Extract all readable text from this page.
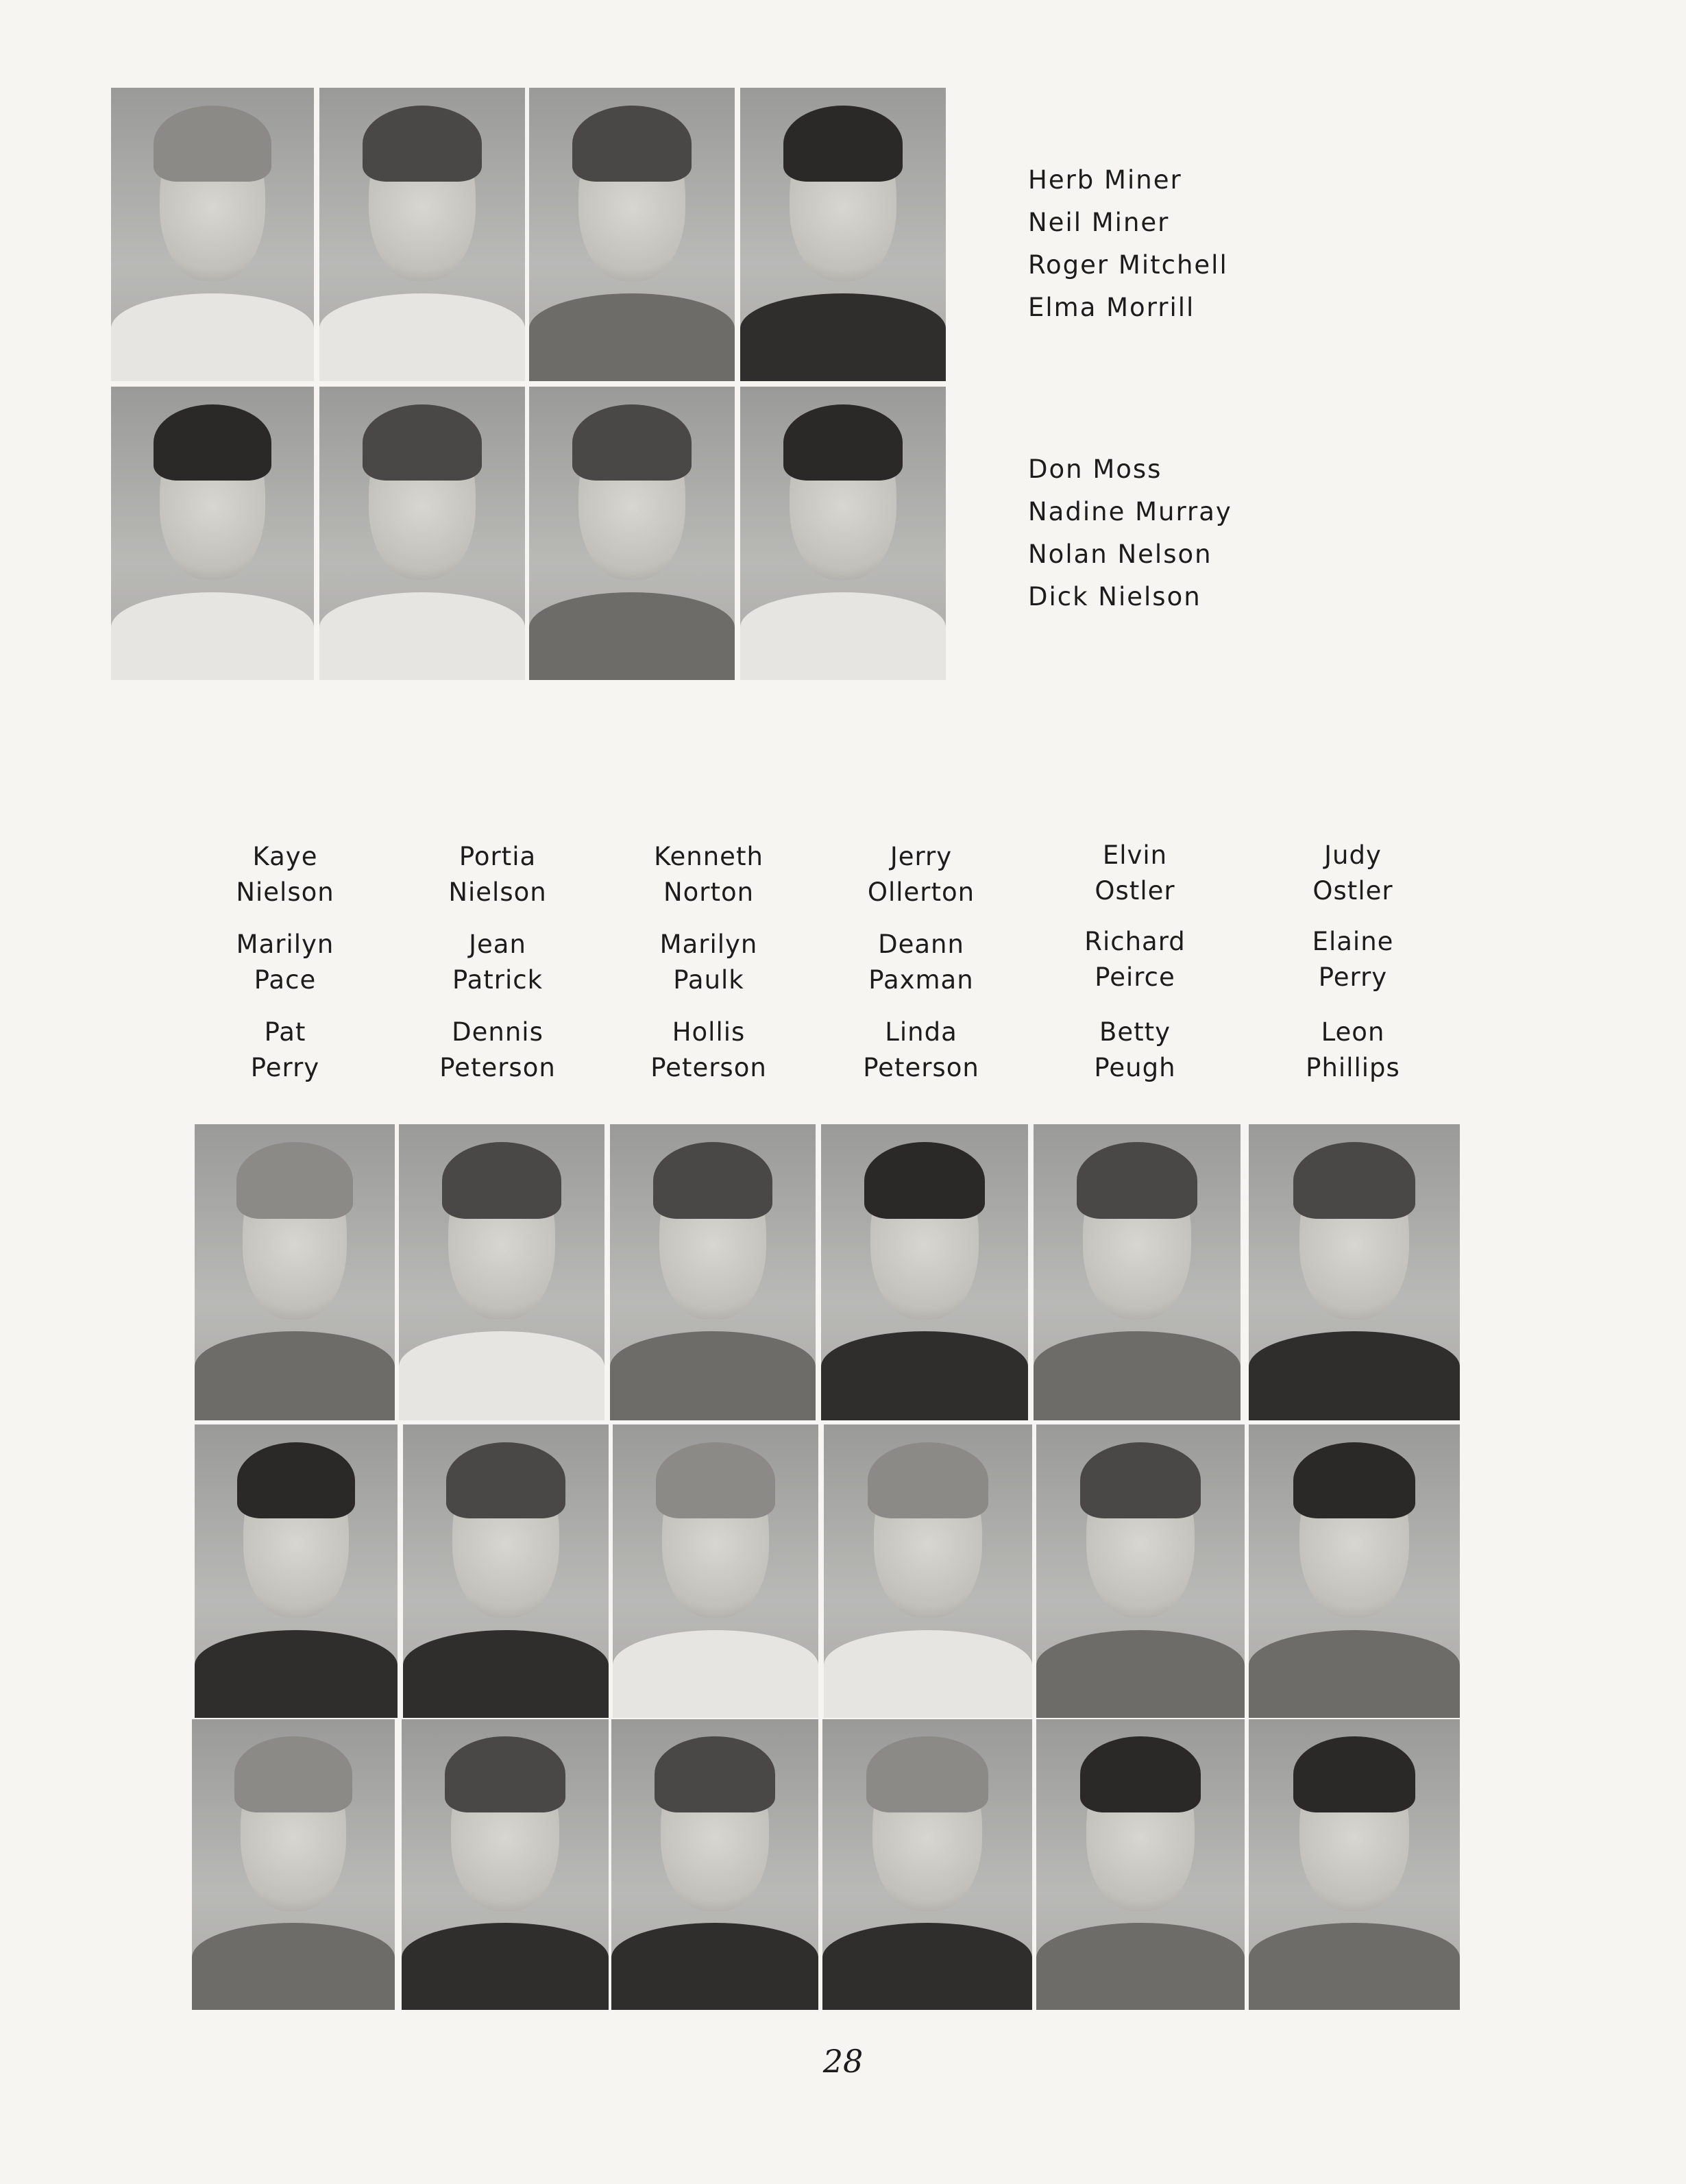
Herb Miner
Neil Miner
Roger Mitchell
Elma Morrill
Don Moss
Nadine Murray
Nolan Nelson
Dick Nielson
Kaye
Nielson
Portia
Nielson
Kenneth
Norton
Jerry
Ollerton
Elvin
Ostler
Judy
Ostler
Marilyn
Pace
Jean
Patrick
Marilyn
Paulk
Deann
Paxman
Richard
Peirce
Elaine
Perry
Pat
Perry
Dennis
Peterson
Hollis
Peterson
Linda
Peterson
Betty
Peugh
Leon
Phillips
28
